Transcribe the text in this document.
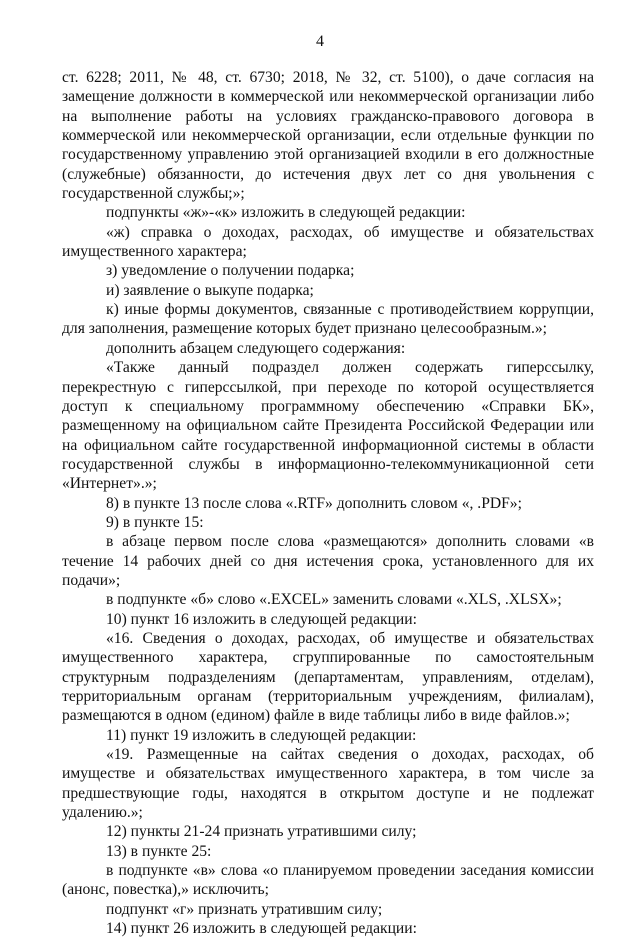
4

ст. 6228; 2011, № 48, ст. 6730; 2018, № 32, ст. 5100), о даче согласия на замещение должности в коммерческой или некоммерческой организации либо на выполнение работы на условиях гражданско-правового договора в коммерческой или некоммерческой организации, если отдельные функции по государственному управлению этой организацией входили в его должностные (служебные) обязанности, до истечения двух лет со дня увольнения с государственной службы;»;

подпункты «ж»-«к» изложить в следующей редакции:

«ж) справка о доходах, расходах, об имуществе и обязательствах имущественного характера;

з) уведомление о получении подарка;

и) заявление о выкупе подарка;

к) иные формы документов, связанные с противодействием коррупции, для заполнения, размещение которых будет признано целесообразным.»;

дополнить абзацем следующего содержания:

«Также данный подраздел должен содержать гиперссылку, перекрестную с гиперссылкой, при переходе по которой осуществляется доступ к специальному программному обеспечению «Справки БК», размещенному на официальном сайте Президента Российской Федерации или на официальном сайте государственной информационной системы в области государственной службы в информационно-телекоммуникационной сети «Интернет».»;

8) в пункте 13 после слова «.RTF» дополнить словом «, .PDF»;

9) в пункте 15:

в абзаце первом после слова «размещаются» дополнить словами «в течение 14 рабочих дней со дня истечения срока, установленного для их подачи»;

в подпункте «б» слово «.EXCEL» заменить словами «.XLS, .XLSX»;

10) пункт 16 изложить в следующей редакции:

«16. Сведения о доходах, расходах, об имуществе и обязательствах имущественного характера, сгруппированные по самостоятельным структурным подразделениям (департаментам, управлениям, отделам), территориальным органам (территориальным учреждениям, филиалам), размещаются в одном (едином) файле в виде таблицы либо в виде файлов.»;

11) пункт 19 изложить в следующей редакции:

«19. Размещенные на сайтах сведения о доходах, расходах, об имуществе и обязательствах имущественного характера, в том числе за предшествующие годы, находятся в открытом доступе и не подлежат удалению.»;

12) пункты 21-24 признать утратившими силу;

13) в пункте 25:

в подпункте «в» слова «о планируемом проведении заседания комиссии (анонс, повестка),» исключить;

подпункт «г» признать утратившим силу;

14) пункт 26 изложить в следующей редакции:
